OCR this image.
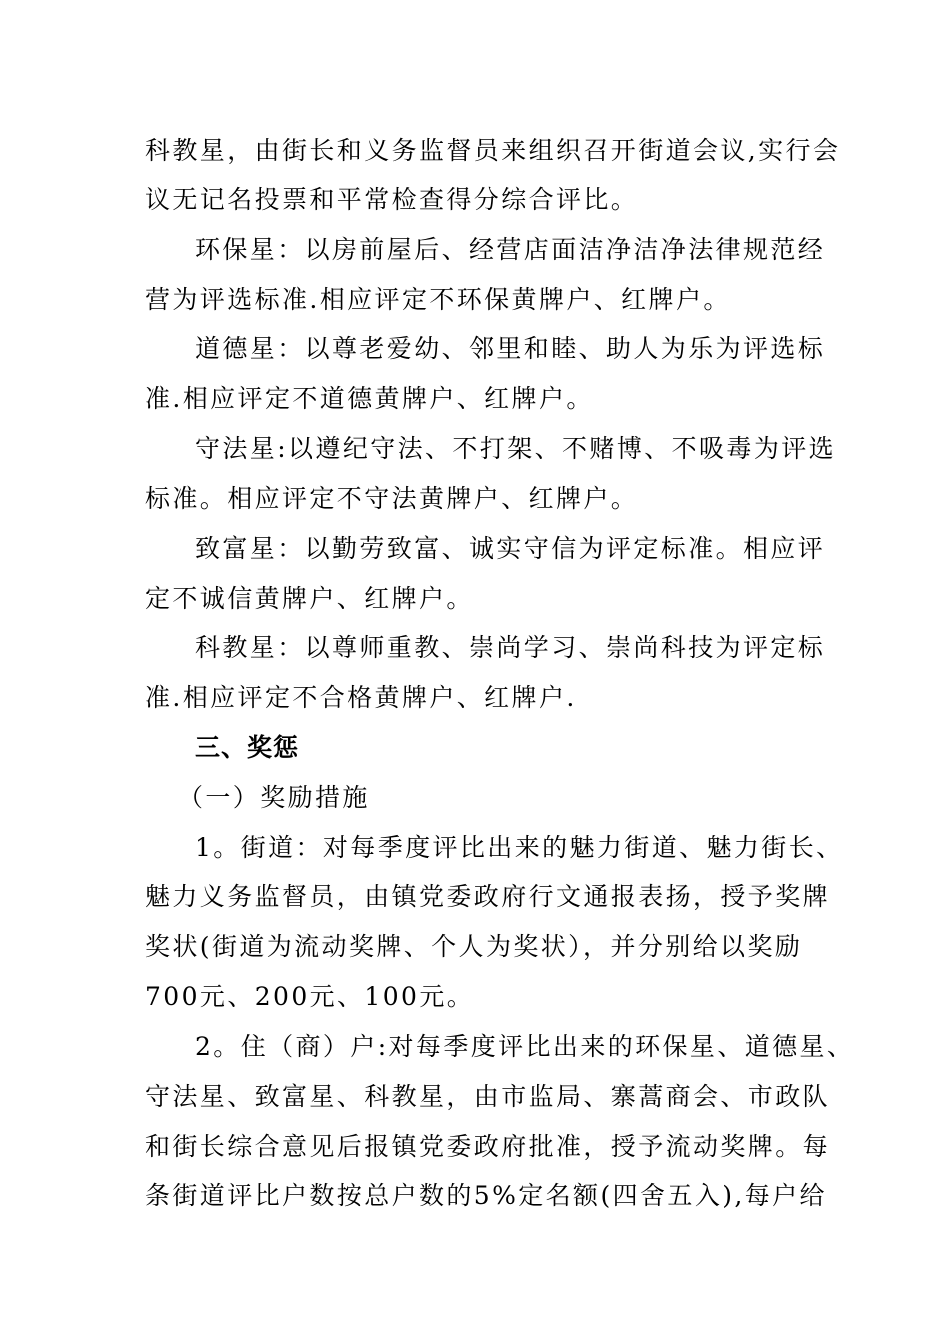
科教星，由街长和义务监督员来组织召开街道会议,实行会
议无记名投票和平常检查得分综合评比。
环保星：以房前屋后、经营店面洁净洁净法律规范经
营为评选标准.相应评定不环保黄牌户、红牌户。
道德星：以尊老爱幼、邻里和睦、助人为乐为评选标
准.相应评定不道德黄牌户、红牌户。
守法星:以遵纪守法、不打架、不赌博、不吸毒为评选
标准。相应评定不守法黄牌户、红牌户。
致富星：以勤劳致富、诚实守信为评定标准。相应评
定不诚信黄牌户、红牌户。
科教星：以尊师重教、崇尚学习、崇尚科技为评定标
准.相应评定不合格黄牌户、红牌户.
三、奖惩
（一）奖励措施
1。街道：对每季度评比出来的魅力街道、魅力街长、
魅力义务监督员，由镇党委政府行文通报表扬，授予奖牌
奖状(街道为流动奖牌、个人为奖状），并分别给以奖励
700元、200元、100元。
2。住（商）户:对每季度评比出来的环保星、道德星、
守法星、致富星、科教星，由市监局、寨蒿商会、市政队
和街长综合意见后报镇党委政府批准，授予流动奖牌。每
条街道评比户数按总户数的5%定名额(四舍五入),每户给
